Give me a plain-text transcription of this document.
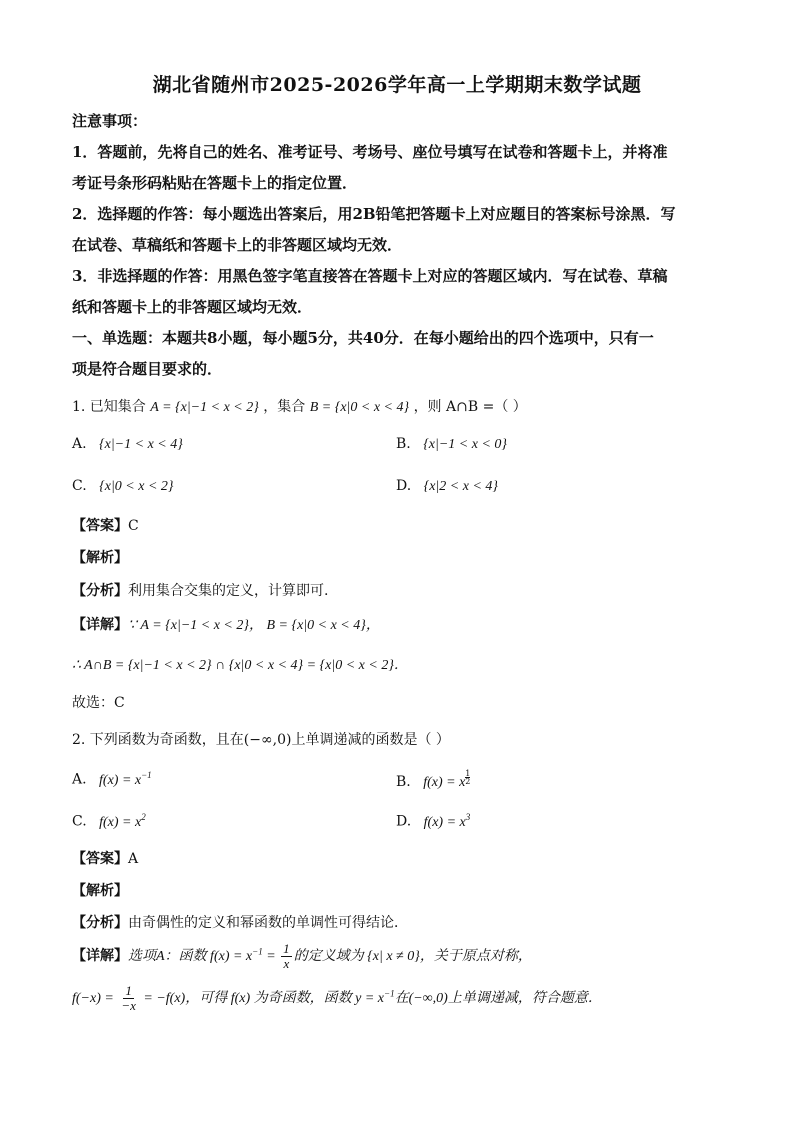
湖北省随州市2025-2026学年高一上学期期末数学试题
注意事项：
1．答题前，先将自己的姓名、准考证号、考场号、座位号填写在试卷和答题卡上，并将准
考证号条形码粘贴在答题卡上的指定位置．
2．选择题的作答：每小题选出答案后，用2B铅笔把答题卡上对应题目的答案标号涂黑．写
在试卷、草稿纸和答题卡上的非答题区域均无效．
3．非选择题的作答：用黑色签字笔直接答在答题卡上对应的答题区域内．写在试卷、草稿
纸和答题卡上的非答题区域均无效．
一、单选题：本题共8小题，每小题5分，共40分．在每小题给出的四个选项中，只有一
项是符合题目要求的．
1. 已知集合 A = {x|−1 < x < 2} ，集合 B = {x|0 < x < 4} ，则 A∩B =（ ）
A. {x|−1 < x < 4}	B. {x|−1 < x < 0}
C. {x|0 < x < 2}	D. {x|2 < x < 4}
【答案】C
【解析】
【分析】利用集合交集的定义，计算即可.
【详解】∵ A = {x|−1 < x < 2}， B = {x|0 < x < 4}，
∴ A∩B = {x|−1 < x < 2} ∩ {x|0 < x < 4} = {x|0 < x < 2}．
故选：C
2. 下列函数为奇函数，且在(−∞,0)上单调递减的函数是（ ）
A. $f(x) = x^{-1}$	B. f(x) = x $\frac{1}{2}$
C. $f(x) = x^2$	D. $f(x) = x^3$
【答案】A
【解析】
【分析】由奇偶性的定义和幂函数的单调性可得结论．
【详解】选项A：函数 $f(x) = x^{-1} = \frac{1}{x}$ 的定义域为 {x| x ≠ 0}，关于原点对称，
$f(-x) = \frac{1}{-x} = -f(x)$，可得 f(x) 为奇函数，函数 $y = x^{-1}$在(−∞,0)上单调递减，符合题意．
